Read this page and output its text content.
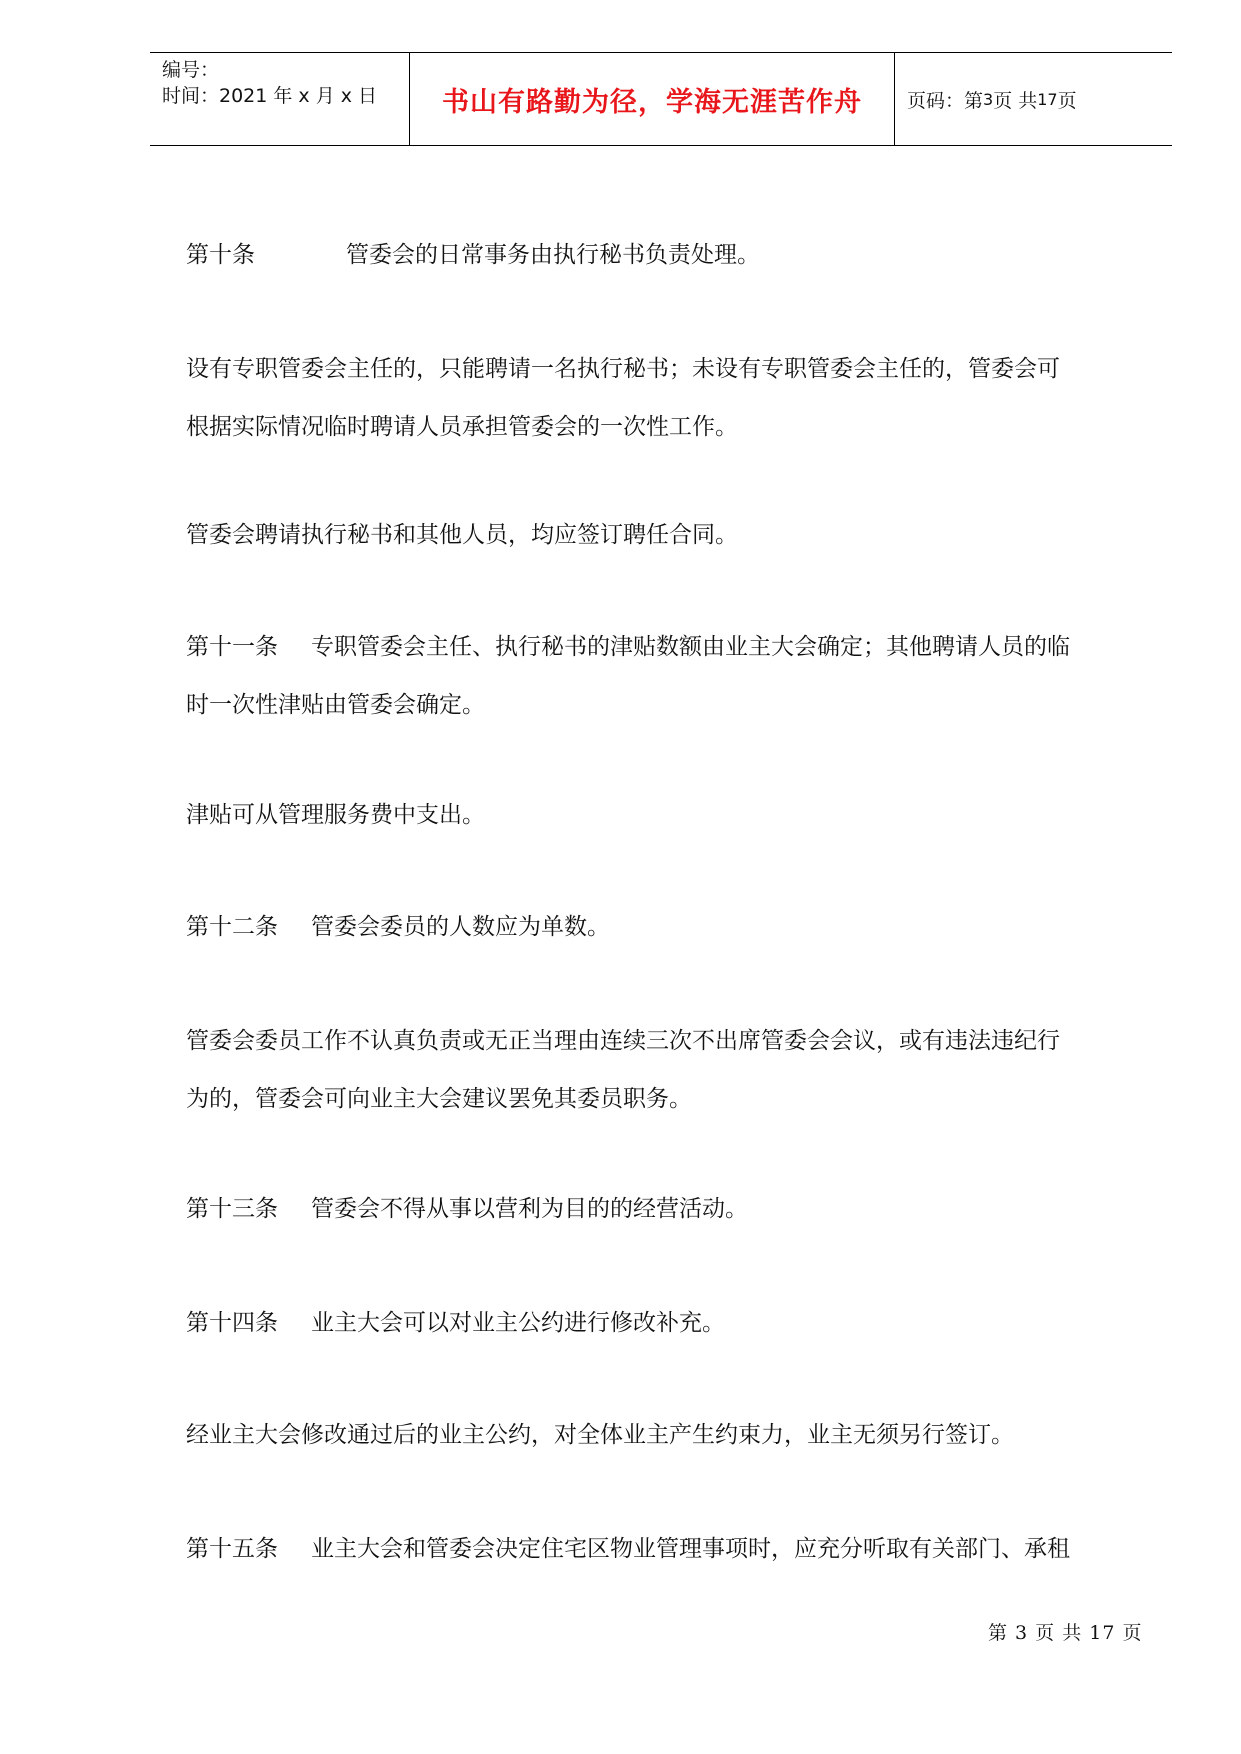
编号：
时间：2021 年 x 月 x 日	书山有路勤为径，学海无涯苦作舟 页码：第 3 页 共 17 页
第十条	管委会的日常事务由执行秘书负责处理。
设有专职管委会主任的，只能聘请一名执行秘书；未设有专职管委会主任的，管委会可
根据实际情况临时聘请人员承担管委会的一次性工作。
管委会聘请执行秘书和其他人员，均应签订聘任合同。
第十一条 专职管委会主任、执行秘书的津贴数额由业主大会确定；其他聘请人员的临
时一次性津贴由管委会确定。
津贴可从管理服务费中支出。
第十二条 管委会委员的人数应为单数。
管委会委员工作不认真负责或无正当理由连续三次不出席管委会会议，或有违法违纪行
为的，管委会可向业主大会建议罢免其委员职务。
第十三条 管委会不得从事以营利为目的的经营活动。
第十四条 业主大会可以对业主公约进行修改补充。
经业主大会修改通过后的业主公约，对全体业主产生约束力，业主无须另行签订。
第十五条 业主大会和管委会决定住宅区物业管理事项时，应充分听取有关部门、承租
第 3 页 共 17 页
